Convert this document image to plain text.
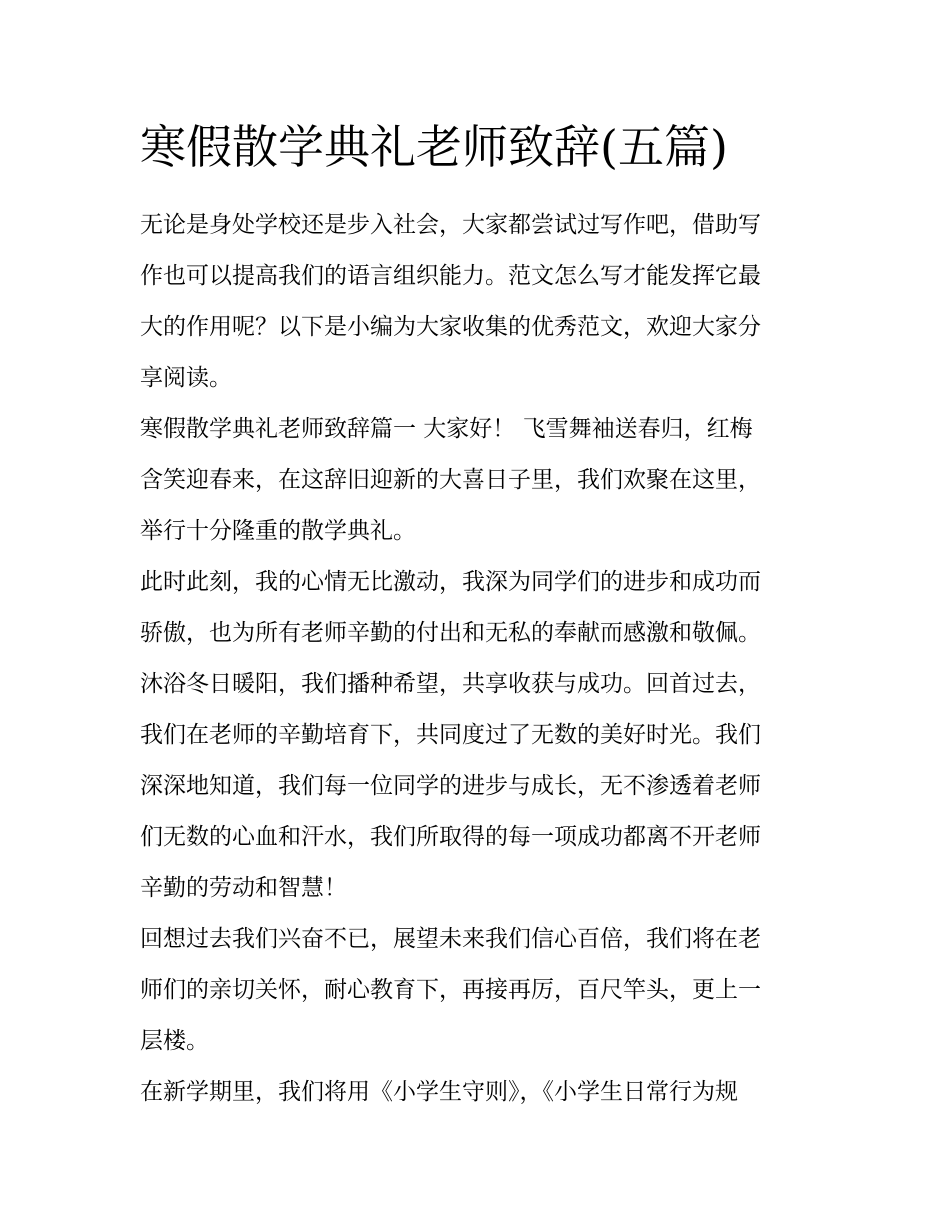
寒假散学典礼老师致辞(五篇)
无论是身处学校还是步入社会，大家都尝试过写作吧，借助写
作也可以提高我们的语言组织能力。范文怎么写才能发挥它最
大的作用呢？以下是小编为大家收集的优秀范文，欢迎大家分
享阅读。
寒假散学典礼老师致辞篇一 大家好！ 飞雪舞袖送春归，红梅
含笑迎春来，在这辞旧迎新的大喜日子里，我们欢聚在这里，
举行十分隆重的散学典礼。
此时此刻，我的心情无比激动，我深为同学们的进步和成功而
骄傲，也为所有老师辛勤的付出和无私的奉献而感激和敬佩。
沐浴冬日暖阳，我们播种希望，共享收获与成功。回首过去，
我们在老师的辛勤培育下，共同度过了无数的美好时光。我们
深深地知道，我们每一位同学的进步与成长，无不渗透着老师
们无数的心血和汗水，我们所取得的每一项成功都离不开老师
辛勤的劳动和智慧！
回想过去我们兴奋不已，展望未来我们信心百倍，我们将在老
师们的亲切关怀，耐心教育下，再接再厉，百尺竿头，更上一
层楼。
在新学期里，我们将用《小学生守则》，《小学生日常行为规
